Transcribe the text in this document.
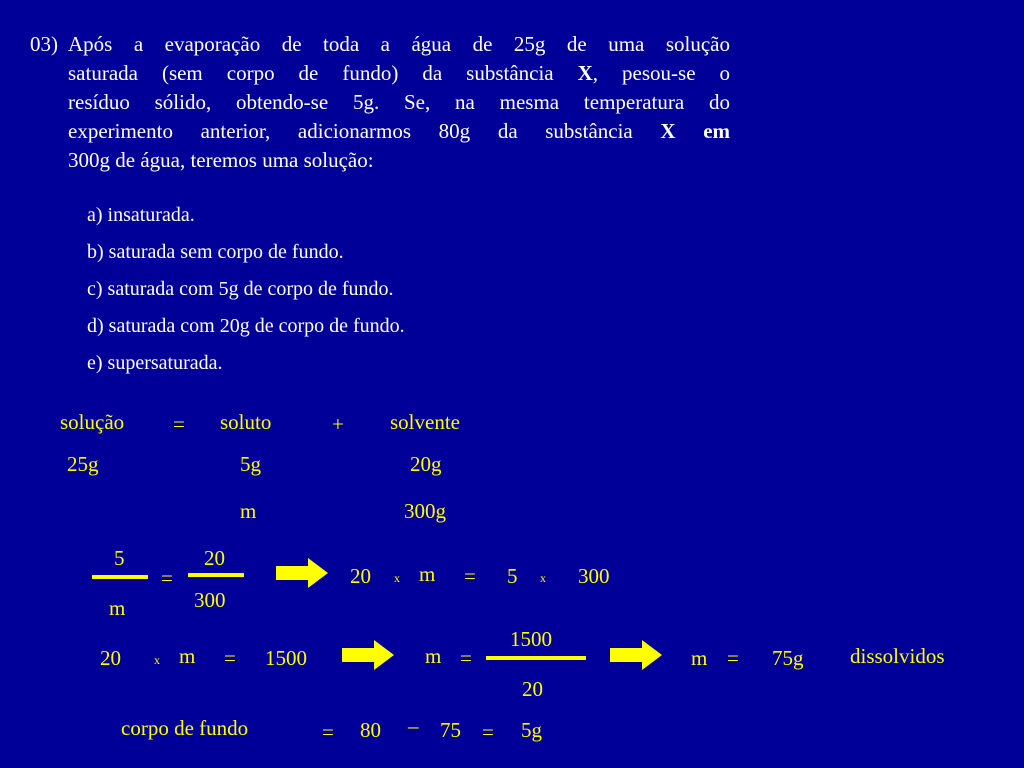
03) Após a evaporação de toda a água de 25g de uma solução
saturada (sem corpo de fundo) da substância X, pesou-se o
resíduo sólido, obtendo-se 5g. Se, na mesma temperatura do
experimento anterior, adicionarmos 80g da substância X em
300g de água, teremos uma solução:
a) insaturada.
b) saturada sem corpo de fundo.
c) saturada com 5g de corpo de fundo.
d) saturada com 20g de corpo de fundo.
e) supersaturada.
solução = soluto	+ solvente
25g	5g	20g
m	300g
5
m
=
20
300
20 x m = 5 x 300
20	x m = 1500	m =
1500
20
m = 75g dissolvidos
corpo de fundo	= 80 – 75 = 5g
